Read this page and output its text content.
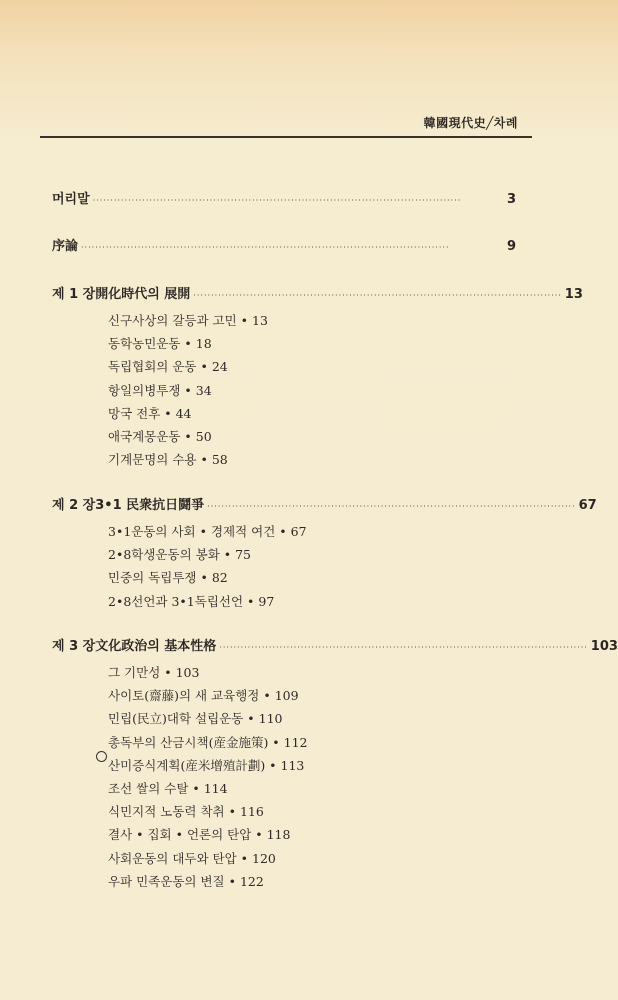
韓國現代史╱차례
머리말 ········································································································	3
序論 ········································································································	9
제 1 장 開化時代의 展開 ········································································································ 13
신구사상의 갈등과 고민 • 13
동학농민운동 • 18
독립협회의 운동 • 24
항일의병투쟁 • 34
망국 전후 • 44
애국계몽운동 • 50
기계문명의 수용 • 58
제 2 장 3•1 民衆抗日鬪爭 ········································································································ 67
3•1운동의 사회 • 경제적 여건 • 67
2•8학생운동의 봉화 • 75
민중의 독립투쟁 • 82
2•8선언과 3•1독립선언 • 97
제 3 장 文化政治의 基本性格 ········································································································ 103
그 기만성 • 103
사이토(齋藤)의 새 교육행정 • 109
민립(民立)대학 설립운동 • 110
총독부의 산금시책(産金施策) • 112
산미증식계획(産米增殖計劃) • 113
조선 쌀의 수탈 • 114
식민지적 노동력 착취 • 116
결사 • 집회 • 언론의 탄압 • 118
사회운동의 대두와 탄압 • 120
우파 민족운동의 변질 • 122
